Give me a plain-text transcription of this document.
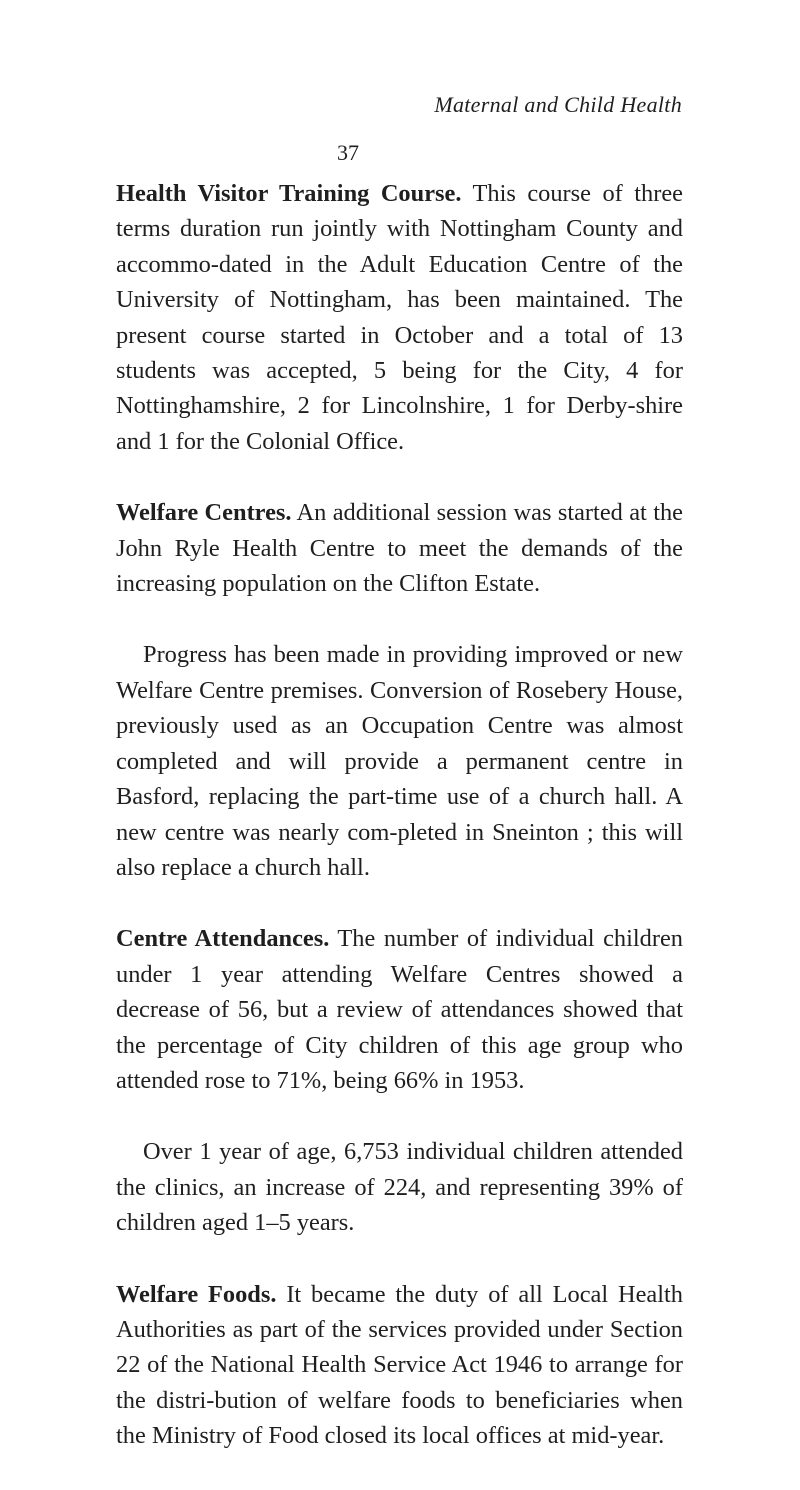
Maternal and Child Health
37

Health Visitor Training Course. This course of three terms duration run jointly with Nottingham County and accommo-dated in the Adult Education Centre of the University of Nottingham, has been maintained. The present course started in October and a total of 13 students was accepted, 5 being for the City, 4 for Nottinghamshire, 2 for Lincolnshire, 1 for Derby-shire and 1 for the Colonial Office.

Welfare Centres. An additional session was started at the John Ryle Health Centre to meet the demands of the increasing population on the Clifton Estate.

Progress has been made in providing improved or new Welfare Centre premises. Conversion of Rosebery House, previously used as an Occupation Centre was almost completed and will provide a permanent centre in Basford, replacing the part-time use of a church hall. A new centre was nearly com-pleted in Sneinton ; this will also replace a church hall.

Centre Attendances. The number of individual children under 1 year attending Welfare Centres showed a decrease of 56, but a review of attendances showed that the percentage of City children of this age group who attended rose to 71%, being 66% in 1953.

Over 1 year of age, 6,753 individual children attended the clinics, an increase of 224, and representing 39% of children aged 1–5 years.

Welfare Foods. It became the duty of all Local Health Authorities as part of the services provided under Section 22 of the National Health Service Act 1946 to arrange for the distri-bution of welfare foods to beneficiaries when the Ministry of Food closed its local offices at mid-year.
